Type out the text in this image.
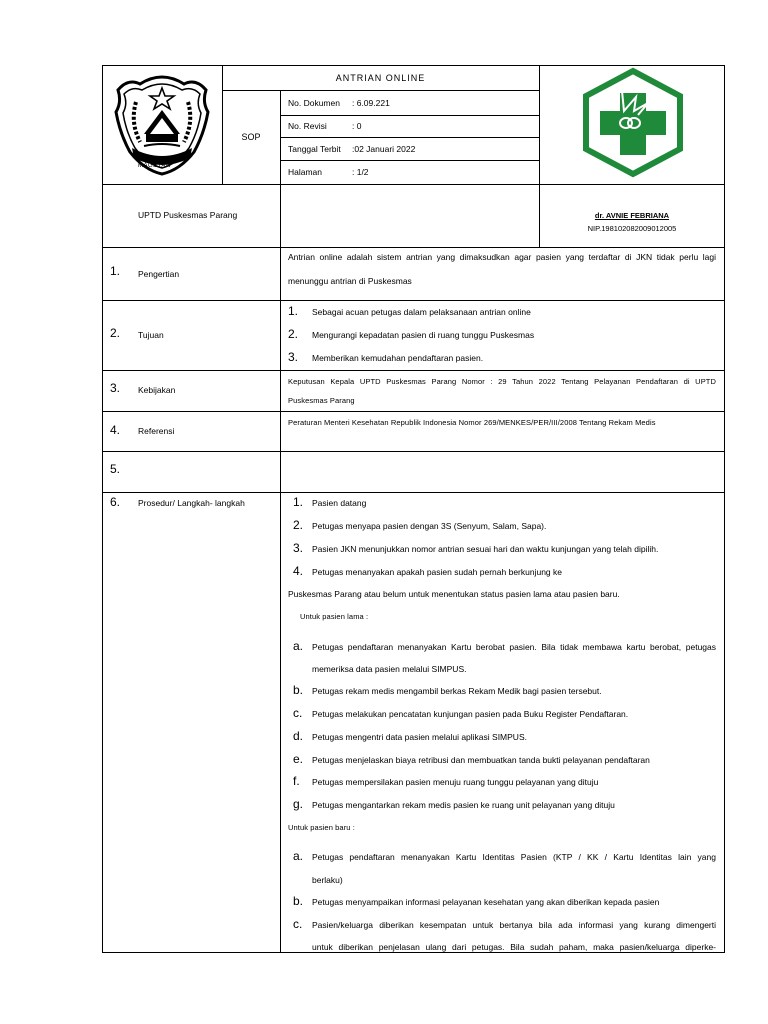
MAGETAN
ANTRIAN ONLINE
SOP
No. Dokumen : 6.09.221
No. Revisi	: 0
Tanggal Terbit :02 Januari 2022
Halaman	: 1/2
UPTD Puskesmas Parang	dr. AVNIE FEBRIANA
NIP.198102082009012005
1. Pengertian
Antrian online adalah sistem antrian yang dimaksudkan agar pasien yang terdaftar di JKN tidak perlu lagi
menunggu antrian di Puskesmas
2. Tujuan
1. Sebagai acuan petugas dalam pelaksanaan antrian online
2. Mengurangi kepadatan pasien di ruang tunggu Puskesmas
3. Memberikan kemudahan pendaftaran pasien.
3. Kebijakan
Keputusan Kepala UPTD Puskesmas Parang Nomor : 29 Tahun 2022 Tentang Pelayanan Pendaftaran di UPTD
Puskesmas Parang
4. Referensi
Peraturan Menteri Kesehatan Republik Indonesia Nomor 269/MENKES/PER/III/2008 Tentang Rekam Medis
5.
6. Prosedur/ Langkah- langkah	1. Pasien datang
2. Petugas menyapa pasien dengan 3S (Senyum, Salam, Sapa).
3. Pasien JKN menunjukkan nomor antrian sesuai hari dan waktu kunjungan yang telah dipilih.
4. Petugas menanyakan apakah pasien sudah pernah berkunjung ke
Puskesmas Parang atau belum untuk menentukan status pasien lama atau pasien baru.
Untuk pasien lama :
a. Petugas pendaftaran menanyakan Kartu berobat pasien. Bila tidak membawa kartu berobat, petugas
memeriksa data pasien melalui SIMPUS.
b. Petugas rekam medis mengambil berkas Rekam Medik bagi pasien tersebut.
c. Petugas melakukan pencatatan kunjungan pasien pada Buku Register Pendaftaran.
d. Petugas mengentri data pasien melalui aplikasi SIMPUS.
e. Petugas menjelaskan biaya retribusi dan membuatkan tanda bukti pelayanan pendaftaran
f. Petugas mempersilakan pasien menuju ruang tunggu pelayanan yang dituju
g. Petugas mengantarkan rekam medis pasien ke ruang unit pelayanan yang dituju
Untuk pasien baru :
a. Petugas pendaftaran menanyakan Kartu Identitas Pasien (KTP / KK / Kartu Identitas lain yang
berlaku)
b. Petugas menyampaikan informasi pelayanan kesehatan yang akan diberikan kepada pasien
c. Pasien/keluarga diberikan kesempatan untuk bertanya bila ada informasi yang kurang dimengerti
untuk diberikan penjelasan ulang dari petugas. Bila sudah paham, maka pasien/keluarga diperke-
